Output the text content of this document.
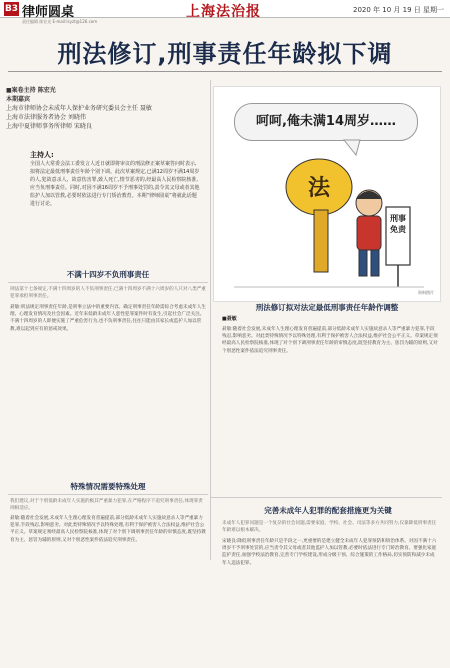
B3 律师圆桌	上海法治报	2020 年 10 月 19 日 星期一
责任编辑 陈宏光 E-mail:lsyzt@126.com
刑法修订,刑事责任年龄拟下调
■案卷主持 陈宏光
本期嘉宾
上海市律师协会未成年人保护业务研究委员会主任 聂敏
上海市法律服务者协会 刘晓伟
上海中夏律师事务所律师 宋晓良
主持人:
全国人大常委会法工委发言人近日就即将审议的刑法修正案草案答问时表示,拟将法定最低刑事责任年龄个别下调。此次草案规定,已满12周岁不满14周岁的人,犯故意杀人、故意伤害罪,致人死亡,情节恶劣的,经最高人民检察院核准,应当负刑事责任。同时,对因不满16周岁不予刑事处罚的,责令其父母或者其他监护人加以管教,必要时依法进行专门矫治教育。本期“律师圆桌”将就此话题进行讨论。
呵呵,俺未满14周岁……
法
刑事免责
资料图片
刑法修订拟对法定最低刑事责任年龄作调整
■聂敏
不满十四岁不负刑事责任
刑法第十七条规定,不满十四周岁的人不负刑事责任,已满十四周岁不满十六周岁的人只对八类严重犯罪承担刑事责任。
聂敏:刑法规定刑事责任年龄,是刑事立法中的重要内容。确定刑事责任年龄需综合考虑未成年人生理、心理发育情况及社会因素。近年来低龄未成年人恶性犯罪案件时有发生,引起社会广泛关注。不满十四周岁的人即便实施了严重危害行为,也不负刑事责任,往往只能由其家长或监护人加以管教,难以起到应有的惩戒效果。
特殊情况需要特殊处理
我们建议,对于个别低龄未成年人实施的极其严重暴力犯罪,在严格程序下追究刑事责任,体现罪责刑相适应。
聂敏:随着社会发展,未成年人生理心理发育普遍提前,部分低龄未成年人实施故意杀人等严重暴力犯罪,手段残忍,影响恶劣。对此类特殊情况予以特殊处理,有利于保护被害人合法权益,维护社会公平正义。草案规定须经最高人民检察院核准,体现了对个别下调刑事责任年龄的审慎态度,既坚持教育为主、惩罚为辅的原则,又对个别恶性案件依法追究刑事责任。
聂敏:随着社会发展,未成年人生理心理发育普遍提前,部分低龄未成年人实施故意杀人等严重暴力犯罪,手段残忍,影响恶劣。对此类特殊情况予以特殊处理,有利于保护被害人合法权益,维护社会公平正义。草案规定须经最高人民检察院核准,体现了对个别下调刑事责任年龄的审慎态度,既坚持教育为主、惩罚为辅的原则,又对个别恶性案件依法追究刑事责任。
完善未成年人犯罪的配套措施更为关键
未成年人犯罪问题是一个复杂的社会问题,需要家庭、学校、社会、司法等多方共同努力,仅靠降低刑事责任年龄难以根本解决。
宋晓良:降低刑事责任年龄只是手段之一,更重要的是建立健全未成年人犯罪预防和矫治体系。对因不满十六周岁不予刑事处罚的,应当责令其父母或者其他监护人加以管教,必要时依法进行专门矫治教育。要强化家庭监护责任,加强学校法治教育,完善专门学校建设,形成分级干预、综合施策的工作格局,切实预防和减少未成年人违法犯罪。
